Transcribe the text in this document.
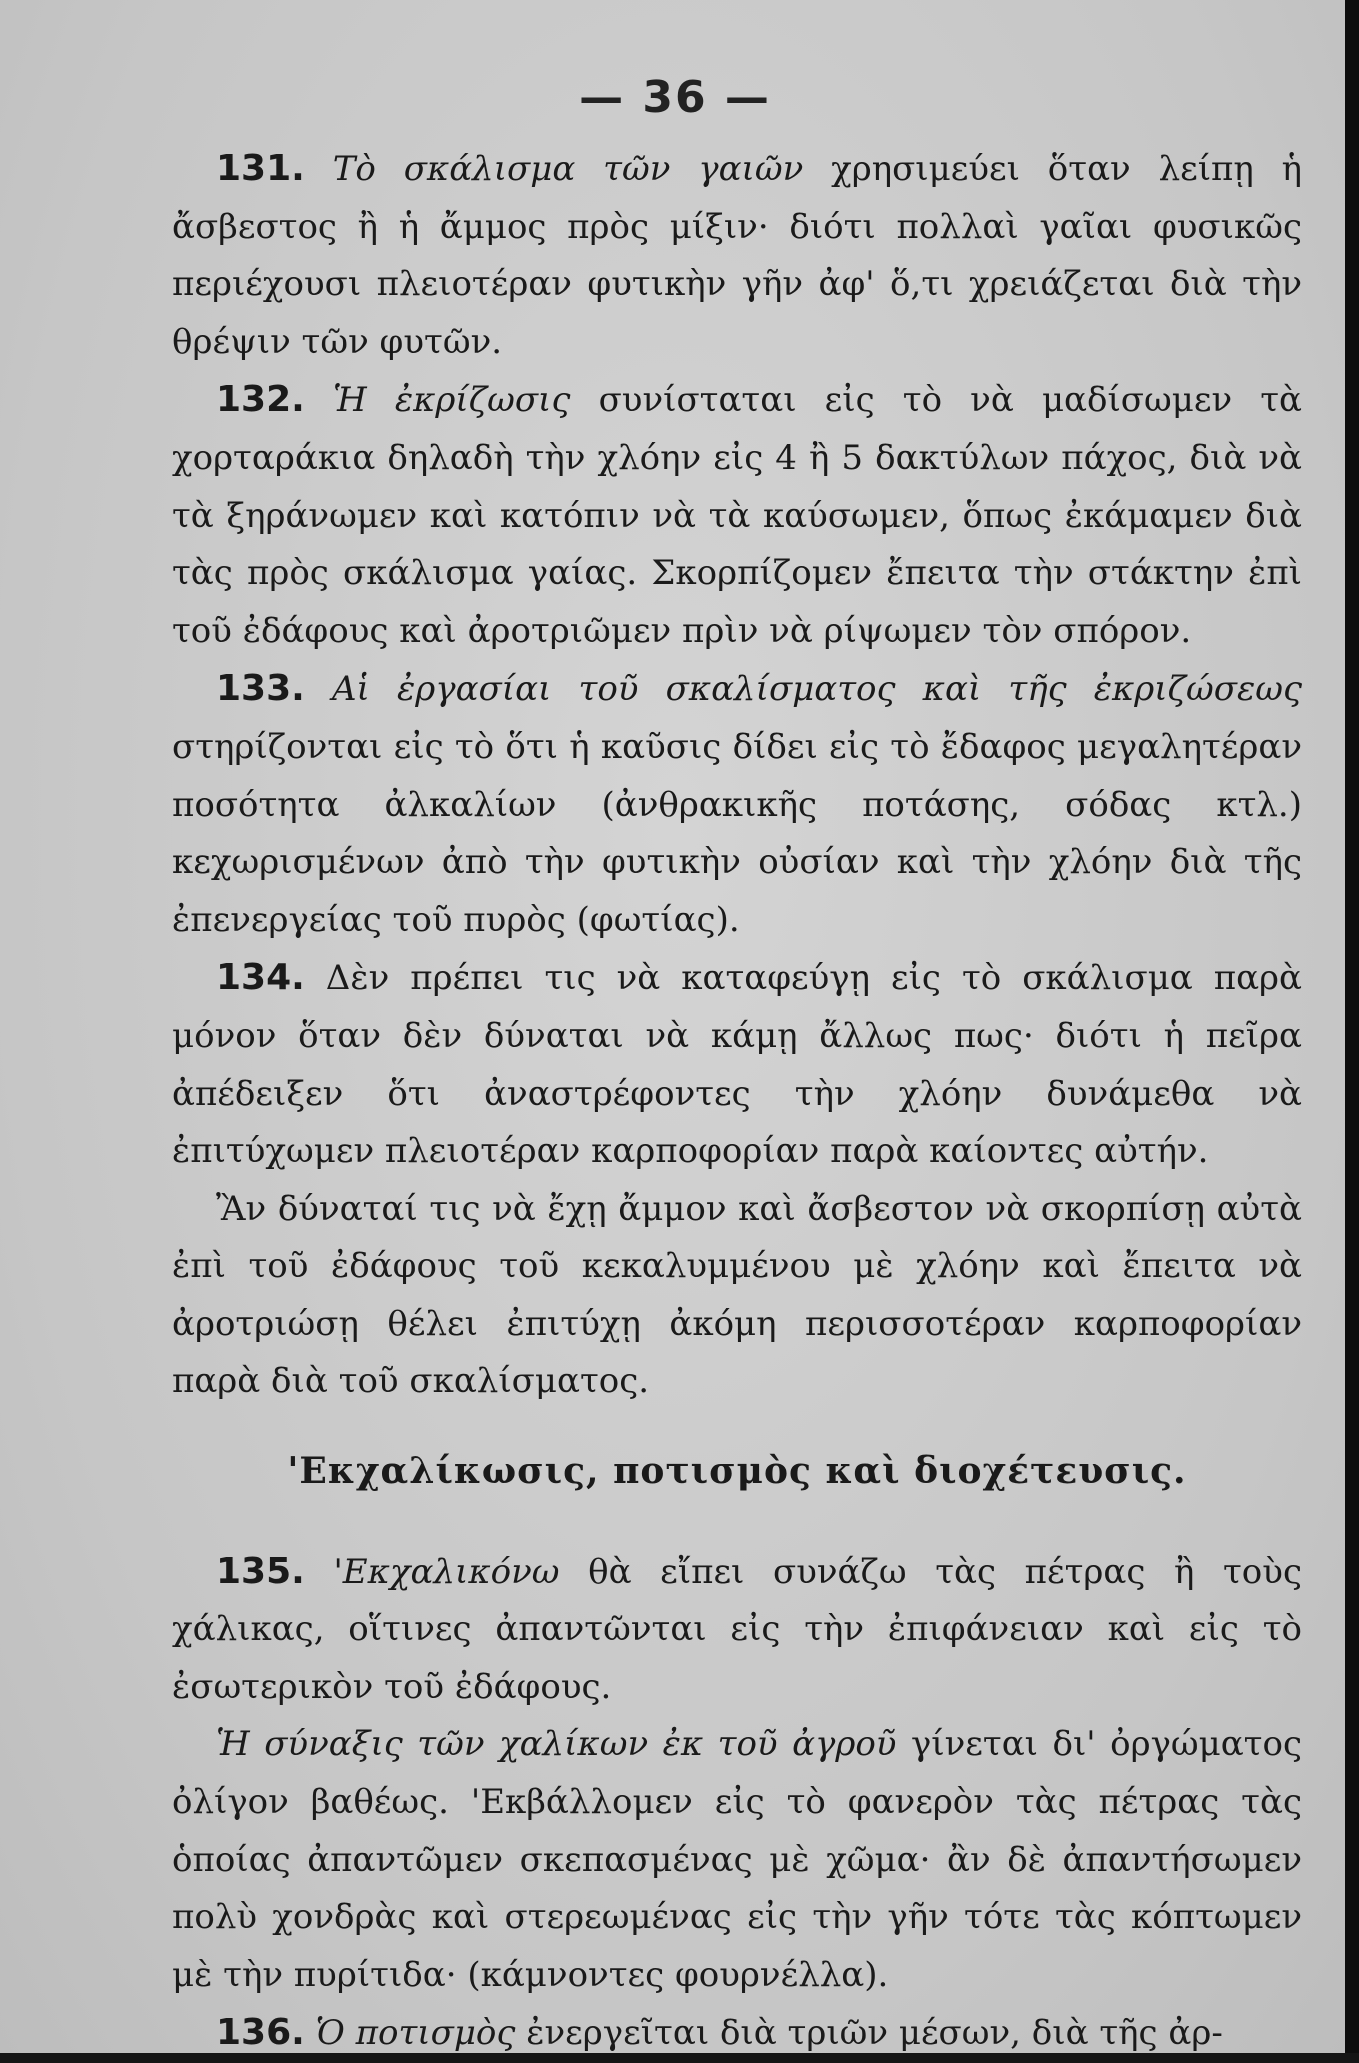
— 36 —

131. Τὸ σκάλισμα τῶν γαιῶν χρησιμεύει ὅταν λείπῃ ἡ ἄσβεστος ἢ ἡ ἄμμος πρὸς μίξιν· διότι πολλαὶ γαῖαι φυσικῶς περιέχουσι πλειοτέραν φυτικὴν γῆν ἀφ' ὅ,τι χρειάζεται διὰ τὴν θρέψιν τῶν φυτῶν.

132. Ἡ ἐκρίζωσις συνίσταται εἰς τὸ νὰ μαδίσωμεν τὰ χορταράκια δηλαδὴ τὴν χλόην εἰς 4 ἢ 5 δακτύλων πάχος, διὰ νὰ τὰ ξηράνωμεν καὶ κατόπιν νὰ τὰ καύσωμεν, ὅπως ἐκάμαμεν διὰ τὰς πρὸς σκάλισμα γαίας. Σκορπίζομεν ἔπειτα τὴν στάκτην ἐπὶ τοῦ ἐδάφους καὶ ἀροτριῶμεν πρὶν νὰ ρίψωμεν τὸν σπόρον.

133. Αἱ ἐργασίαι τοῦ σκαλίσματος καὶ τῆς ἐκριζώσεως στηρίζονται εἰς τὸ ὅτι ἡ καῦσις δίδει εἰς τὸ ἔδαφος μεγαλητέραν ποσότητα ἀλκαλίων (ἀνθρακικῆς ποτάσης, σόδας κτλ.) κεχωρισμένων ἀπὸ τὴν φυτικὴν οὐσίαν καὶ τὴν χλόην διὰ τῆς ἐπενεργείας τοῦ πυρὸς (φωτίας).

134. Δὲν πρέπει τις νὰ καταφεύγῃ εἰς τὸ σκάλισμα παρὰ μόνον ὅταν δὲν δύναται νὰ κάμῃ ἄλλως πως· διότι ἡ πεῖρα ἀπέδειξεν ὅτι ἀναστρέφοντες τὴν χλόην δυνάμεθα νὰ ἐπιτύχωμεν πλειοτέραν καρποφορίαν παρὰ καίοντες αὐτήν.

Ἂν δύναταί τις νὰ ἔχῃ ἄμμον καὶ ἄσβεστον νὰ σκορπίσῃ αὐτὰ ἐπὶ τοῦ ἐδάφους τοῦ κεκαλυμμένου μὲ χλόην καὶ ἔπειτα νὰ ἀροτριώσῃ θέλει ἐπιτύχῃ ἀκόμη περισσοτέραν καρποφορίαν παρὰ διὰ τοῦ σκαλίσματος.

'Εκχαλίκωσις, ποτισμὸς καὶ διοχέτευσις.

135. 'Εκχαλικόνω θὰ εἴπει συνάζω τὰς πέτρας ἢ τοὺς χάλικας, οἵτινες ἀπαντῶνται εἰς τὴν ἐπιφάνειαν καὶ εἰς τὸ ἐσωτερικὸν τοῦ ἐδάφους.

Ἡ σύναξις τῶν χαλίκων ἐκ τοῦ ἀγροῦ γίνεται δι' ὀργώματος ὀλίγον βαθέως. 'Εκβάλλομεν εἰς τὸ φανερὸν τὰς πέτρας τὰς ὁποίας ἀπαντῶμεν σκεπασμένας μὲ χῶμα· ἂν δὲ ἀπαντήσωμεν πολὺ χονδρὰς καὶ στερεωμένας εἰς τὴν γῆν τότε τὰς κόπτωμεν μὲ τὴν πυρίτιδα· (κάμνοντες φουρνέλλα).

136. Ὁ ποτισμὸς ἐνεργεῖται διὰ τριῶν μέσων, διὰ τῆς ἀρ-
